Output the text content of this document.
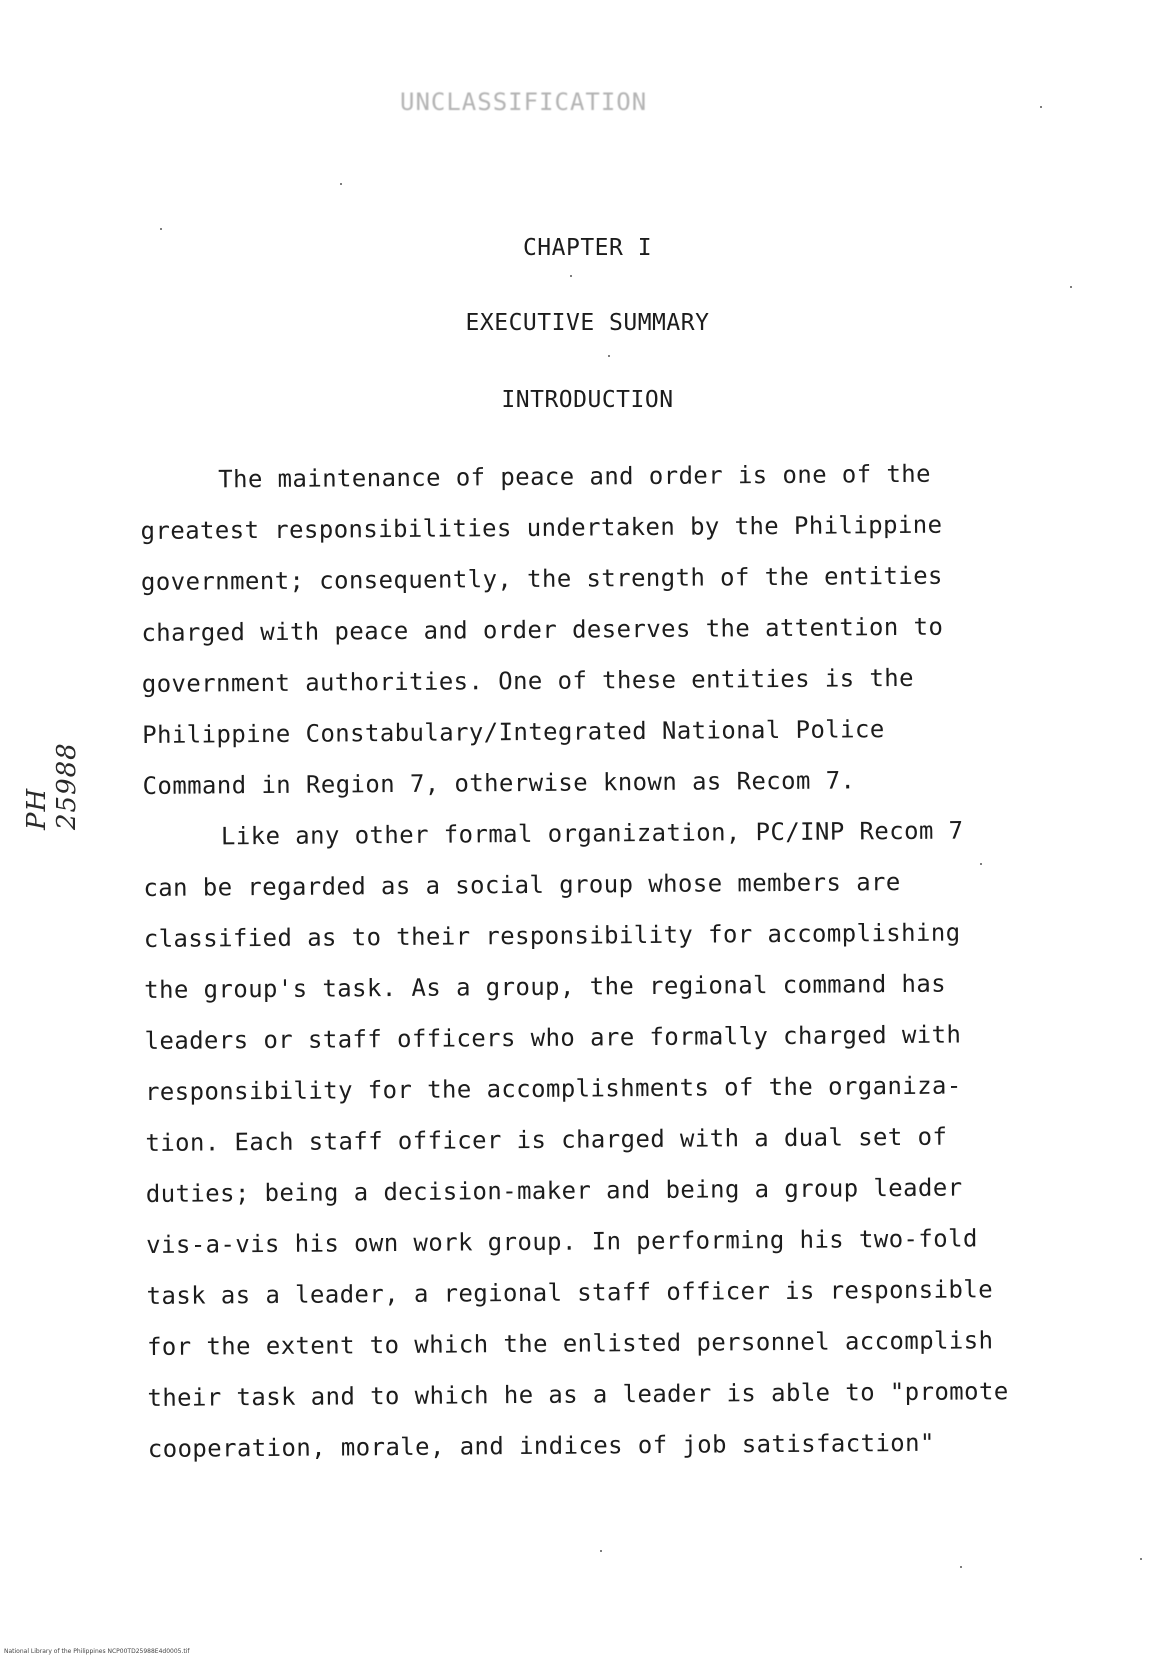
UNCLASSIFICATION
CHAPTER I
EXECUTIVE SUMMARY
INTRODUCTION
The maintenance of peace and order is one of the
greatest responsibilities undertaken by the Philippine
government; consequently, the strength of the entities
charged with peace and order deserves the attention to
government authorities. One of these entities is the
Philippine Constabulary/Integrated National Police
Command in Region 7, otherwise known as Recom 7.
Like any other formal organization, PC/INP Recom 7
can be regarded as a social group whose members are
classified as to their responsibility for accomplishing
the group's task. As a group, the regional command has
leaders or staff officers who are formally charged with
responsibility for the accomplishments of the organiza-
tion. Each staff officer is charged with a dual set of
duties; being a decision-maker and being a group leader
vis-a-vis his own work group. In performing his two-fold
task as a leader, a regional staff officer is responsible
for the extent to which the enlisted personnel accomplish
their task and to which he as a leader is able to "promote
cooperation, morale, and indices of job satisfaction"
PH 25988
National Library of the Philippines NCP00TD25988E4d0005.tif
